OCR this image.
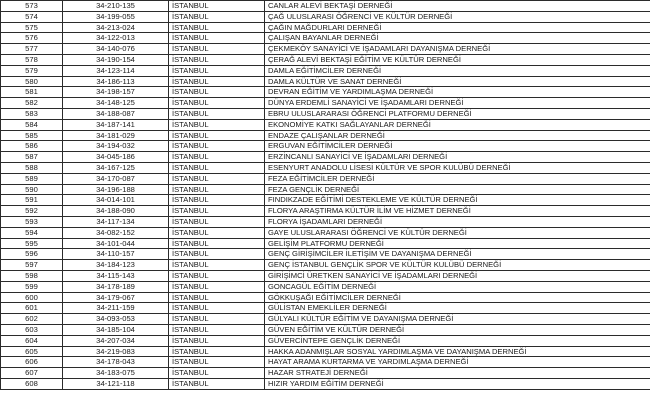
573	34-210-135	İSTANBUL	CANLAR ALEVİ BEKTAŞİ DERNEĞİ
574	34-199-055	İSTANBUL	ÇAĞ ULUSLARASI ÖĞRENCİ VE KÜLTÜR DERNEĞİ
575	34-213-024	İSTANBUL	ÇAĞIN MAĞDURLARI DERNEĞİ
576	34-122-013	İSTANBUL	ÇALIŞAN BAYANLAR DERNEĞİ
577	34-140-076	İSTANBUL	ÇEKMEKÖY SANAYİCİ VE İŞADAMLARI DAYANIŞMA DERNEĞİ
578	34-190-154	İSTANBUL	ÇERAĞ ALEVİ BEKTAŞİ EĞİTİM VE KÜLTÜR DERNEĞİ
579	34-123-114	İSTANBUL	DAMLA EĞİTİMCİLER DERNEĞİ
580	34-186-113	İSTANBUL	DAMLA KÜLTÜR VE SANAT DERNEĞİ
581	34-198-157	İSTANBUL	DEVRAN EĞİTİM VE YARDIMLAŞMA DERNEĞİ
582	34-148-125	İSTANBUL	DÜNYA ERDEMLİ SANAYİCİ VE İŞADAMLARI DERNEĞİ
583	34-188-087	İSTANBUL	EBRU ULUSLARARASI ÖĞRENCİ PLATFORMU DERNEĞİ
584	34-187-141	İSTANBUL	EKONOMİYE KATKI SAĞLAYANLAR DERNEĞİ
585	34-181-029	İSTANBUL	ENDAZE ÇALIŞANLAR DERNEĞİ
586	34-194-032	İSTANBUL	ERGUVAN EĞİTİMCİLER DERNEĞİ
587	34-045-186	İSTANBUL	ERZİNCANLI SANAYİCİ VE İŞADAMLARI DERNEĞİ
588	34-167-125	İSTANBUL	ESENYURT ANADOLU LİSESİ KÜLTÜR VE SPOR KULÜBÜ DERNEĞİ
589	34-170-087	İSTANBUL	FEZA EĞİTİMCİLER DERNEĞİ
590	34-196-188	İSTANBUL	FEZA GENÇLİK DERNEĞİ
591	34-014-101	İSTANBUL	FINDIKZADE EĞİTİMİ DESTEKLEME VE KÜLTÜR DERNEĞİ
592	34-188-090	İSTANBUL	FLORYA ARAŞTIRMA KÜLTÜR İLİM VE HİZMET DERNEĞİ
593	34-117-134	İSTANBUL	FLORYA İŞADAMLARI DERNEĞİ
594	34-082-152	İSTANBUL	GAYE ULUSLARARASI ÖĞRENCİ VE KÜLTÜR DERNEĞİ
595	34-101-044	İSTANBUL	GELİŞİM PLATFORMU DERNEĞİ
596	34-110-157	İSTANBUL	GENÇ GİRİŞİMCİLER İLETİŞİM VE DAYANIŞMA DERNEĞİ
597	34-184-123	İSTANBUL	GENÇ İSTANBUL GENÇLİK SPOR VE KÜLTÜR KULÜBÜ DERNEĞİ
598	34-115-143	İSTANBUL	GİRİŞİMCİ ÜRETKEN SANAYİCİ VE İŞADAMLARI DERNEĞİ
599	34-178-189	İSTANBUL	GONCAGÜL EĞİTİM DERNEĞİ
600	34-179-067	İSTANBUL	GÖKKUŞAĞI EĞİTİMCİLER DERNEĞİ
601	34-211-159	İSTANBUL	GÜLİSTAN EMEKLİLER DERNEĞİ
602	34-093-053	İSTANBUL	GÜLYALI KÜLTÜR EĞİTİM VE DAYANIŞMA DERNEĞİ
603	34-185-104	İSTANBUL	GÜVEN EĞİTİM VE KÜLTÜR DERNEĞİ
604	34-207-034	İSTANBUL	GÜVERCİNTEPE GENÇLİK DERNEĞİ
605	34-219-083	İSTANBUL	HAKKA ADANMIŞLAR SOSYAL YARDIMLAŞMA VE DAYANIŞMA DERNEĞİ
606	34-178-043	İSTANBUL	HAYAT ARAMA KURTARMA VE YARDIMLAŞMA DERNEĞİ
607	34-183-075	İSTANBUL	HAZAR STRATEJİ DERNEĞİ
608	34-121-118	İSTANBUL	HIZIR YARDIM EĞİTİM DERNEĞİ
